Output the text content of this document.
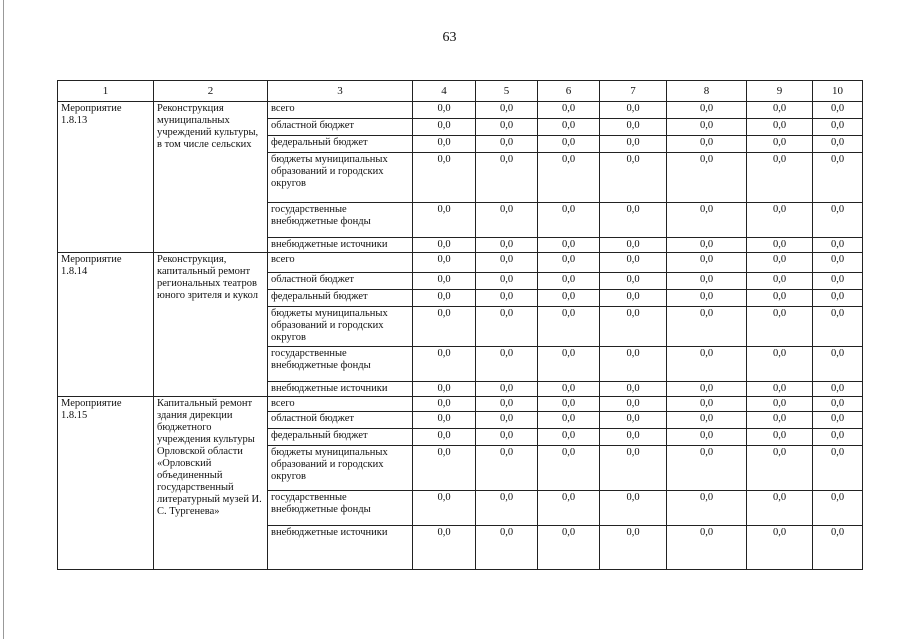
63
1	2	3	4	5	6	7	8	9	10
Мероприятие 1.8.13	Реконструкция муниципальных учреждений культуры, в том числе сельских	всего	0,0	0,0	0,0	0,0	0,0	0,0	0,0
		областной бюджет	0,0	0,0	0,0	0,0	0,0	0,0	0,0
		федеральный бюджет	0,0	0,0	0,0	0,0	0,0	0,0	0,0
		бюджеты муниципальных образований и городских округов	0,0	0,0	0,0	0,0	0,0	0,0	0,0
		государственные внебюджетные фонды	0,0	0,0	0,0	0,0	0,0	0,0	0,0
		внебюджетные источники	0,0	0,0	0,0	0,0	0,0	0,0	0,0
Мероприятие 1.8.14	Реконструкция, капитальный ремонт региональных театров юного зрителя и кукол	всего	0,0	0,0	0,0	0,0	0,0	0,0	0,0
		областной бюджет	0,0	0,0	0,0	0,0	0,0	0,0	0,0
		федеральный бюджет	0,0	0,0	0,0	0,0	0,0	0,0	0,0
		бюджеты муниципальных образований и городских округов	0,0	0,0	0,0	0,0	0,0	0,0	0,0
		государственные внебюджетные фонды	0,0	0,0	0,0	0,0	0,0	0,0	0,0
		внебюджетные источники	0,0	0,0	0,0	0,0	0,0	0,0	0,0
Мероприятие 1.8.15	Капитальный ремонт здания дирекции бюджетного учреждения культуры Орловской области «Орловский объединенный государственный литературный музей И. С. Тургенева»	всего	0,0	0,0	0,0	0,0	0,0	0,0	0,0
		областной бюджет	0,0	0,0	0,0	0,0	0,0	0,0	0,0
		федеральный бюджет	0,0	0,0	0,0	0,0	0,0	0,0	0,0
		бюджеты муниципальных образований и городских округов	0,0	0,0	0,0	0,0	0,0	0,0	0,0
		государственные внебюджетные фонды	0,0	0,0	0,0	0,0	0,0	0,0	0,0
		внебюджетные источники	0,0	0,0	0,0	0,0	0,0	0,0	0,0
